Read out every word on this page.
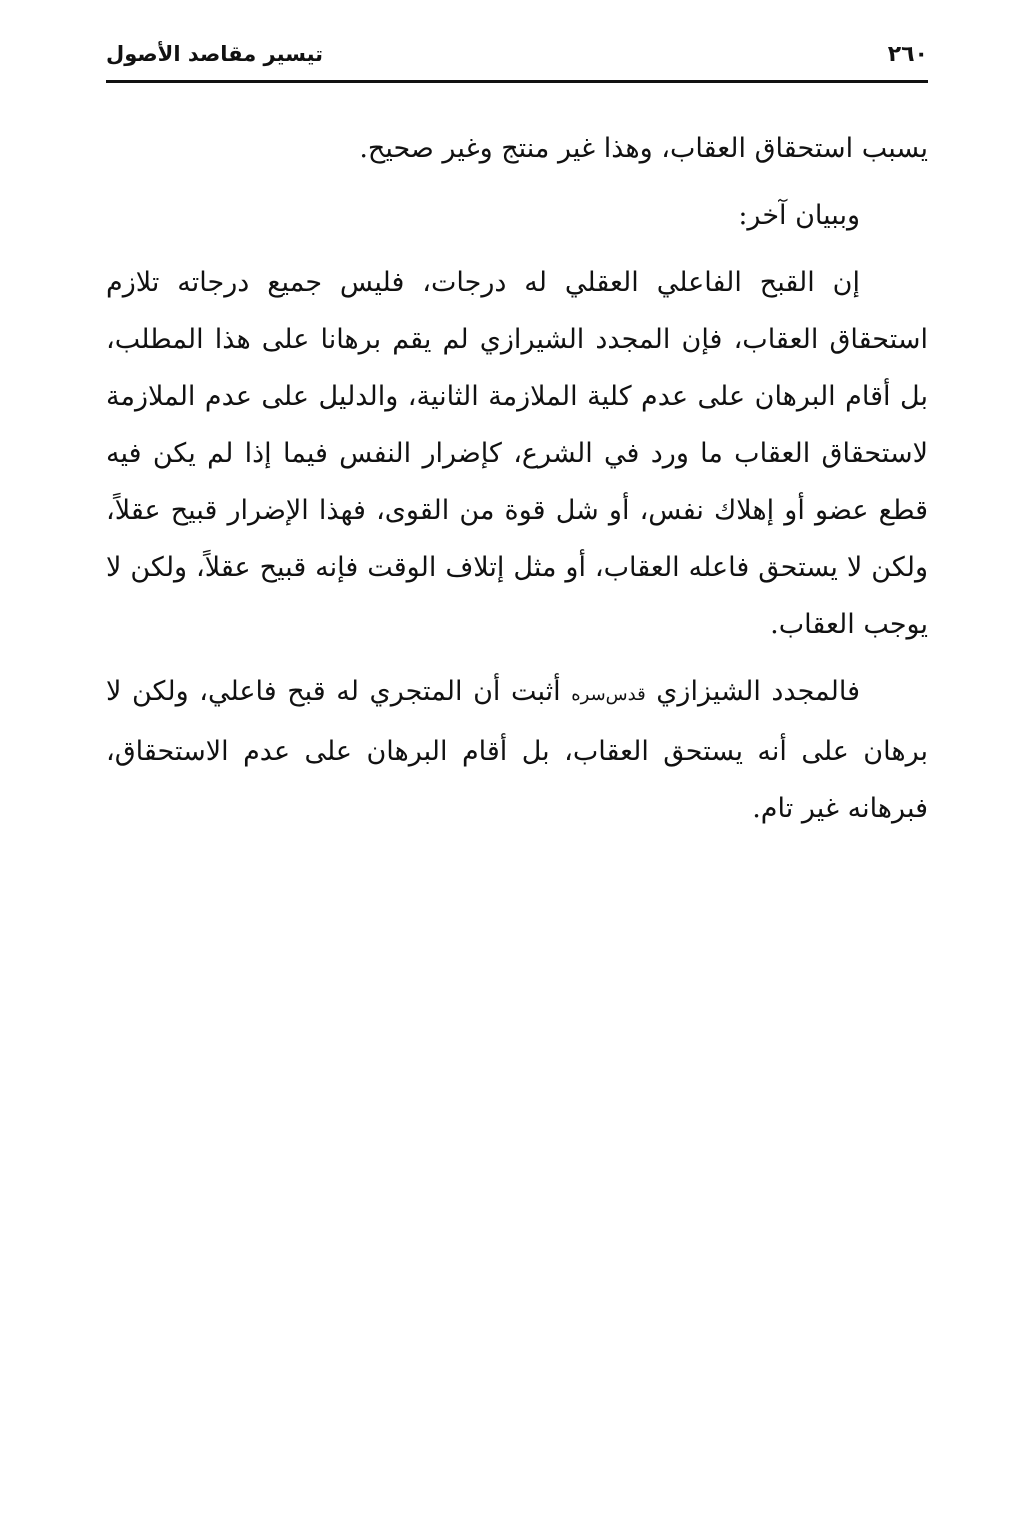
٢٦٠
تيسير مقاصد الأصول

يسبب استحقاق العقاب، وهذا غير منتج وغير صحيح.

وببيان آخر:

إن القبح الفاعلي العقلي له درجات، فليس جميع درجاته تلازم استحقاق العقاب، فإن المجدد الشيرازي لم يقم برهانا على هذا المطلب، بل أقام البرهان على عدم كلية الملازمة الثانية، والدليل على عدم الملازمة لاستحقاق العقاب ما ورد في الشرع، كإضرار النفس فيما إذا لم يكن فيه قطع عضو أو إهلاك نفس، أو شل قوة من القوى، فهذا الإضرار قبيح عقلاً، ولكن لا يستحق فاعله العقاب، أو مثل إتلاف الوقت فإنه قبيح عقلاً، ولكن لا يوجب العقاب.

فالمجدد الشيزازي قدس‌سره أثبت أن المتجري له قبح فاعلي، ولكن لا برهان على أنه يستحق العقاب، بل أقام البرهان على عدم الاستحقاق، فبرهانه غير تام.
